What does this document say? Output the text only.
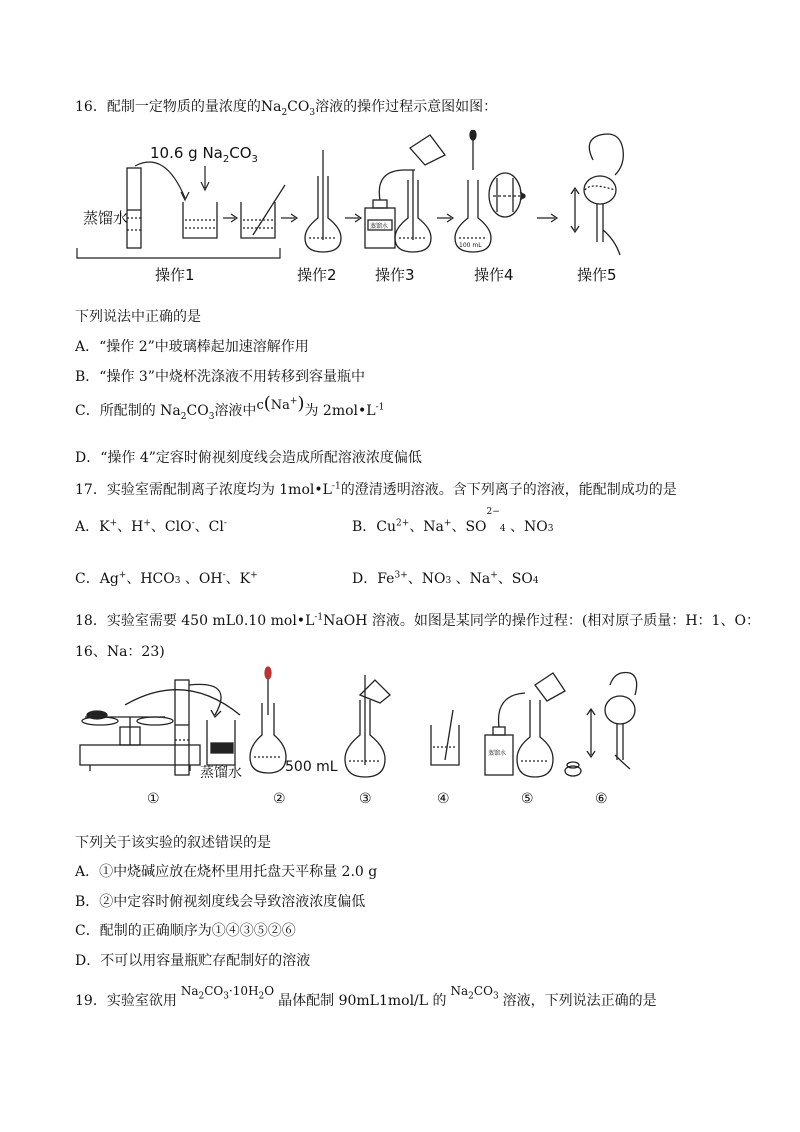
16．配制一定物质的量浓度的$Na_2CO_3$溶液的操作过程示意图如图：
蒸馏水
10.6 g $Na_2CO_3$
蒸馏水
100 mL
操作1	操作2	操作3	操作4	操作5
下列说法中正确的是
A．“操作 2”中玻璃棒起加速溶解作用
B．“操作 3”中烧杯洗涤液不用转移到容量瓶中
C．所配制的 $Na_2CO_3$溶液中c(Na+)为 $2mol•L^{-1}$
D．“操作 4”定容时俯视刻度线会造成所配溶液浓度偏低
17．实验室需配制离子浓度均为 $1mol•L^{-1}$的澄清透明溶液。含下列离子的溶液，能配制成功的是
A．K+、H+、ClO-、Cl-	B．$Cu^{2+}$、Na+、$SO^{2-}_4$ 、$NO_3$
C．Ag+、$HCO_3$ 、OH-、K+	D．$Fe^{3+}$、$NO_3$ 、Na+、$SO_4$
18．实验室需要 450 mL0.10 $mol•L^{-1}NaOH$ 溶液。如图是某同学的操作过程：(相对原子质量：H：1、O：
16、Na：23)
蒸馏水	500 mL
蒸馏水
①	②	③	④	⑤	⑥
下列关于该实验的叙述错误的是
A．①中烧碱应放在烧杯里用托盘天平称量 2.0 g
B．②中定容时俯视刻度线会导致溶液浓度偏低
C．配制的正确顺序为①④③⑤②⑥
D．不可以用容量瓶贮存配制好的溶液
19．实验室欲用$Na_2CO_3\cdot 10H_2O$晶体配制 90mL1mol/L 的$Na_2CO_3$ 溶液，下列说法正确的是
